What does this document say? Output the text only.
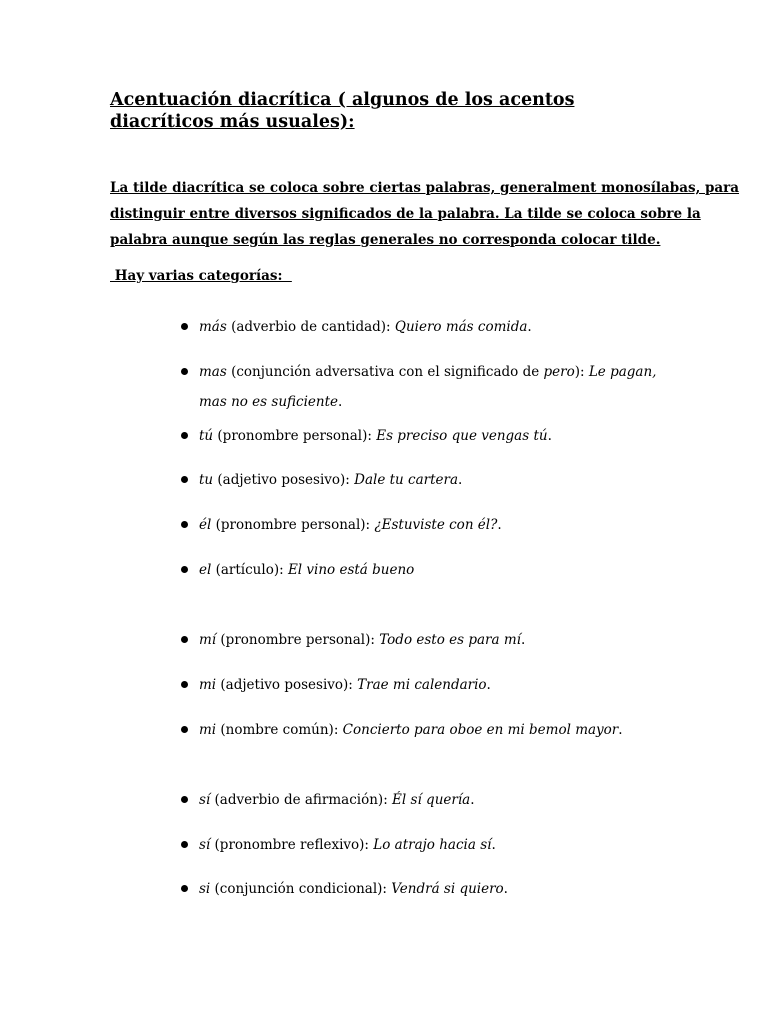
Acentuación diacrítica ( algunos de los acentos diacríticos más usuales):
La tilde diacrítica se coloca sobre ciertas palabras, generalment monosílabas, para
distinguir entre diversos significados de la palabra. La tilde se coloca sobre la
palabra aunque según las reglas generales no corresponda colocar tilde.
Hay varias categorías:
más (adverbio de cantidad): Quiero más comida.
mas (conjunción adversativa con el significado de pero): Le pagan, mas no es suficiente.
tú (pronombre personal): Es preciso que vengas tú.
tu (adjetivo posesivo): Dale tu cartera.
él (pronombre personal): ¿Estuviste con él?.
el (artículo): El vino está bueno
mí (pronombre personal): Todo esto es para mí.
mi (adjetivo posesivo): Trae mi calendario.
mi (nombre común): Concierto para oboe en mi bemol mayor.
sí (adverbio de afirmación): Él sí quería.
sí (pronombre reflexivo): Lo atrajo hacia sí.
si (conjunción condicional): Vendrá si quiero.
